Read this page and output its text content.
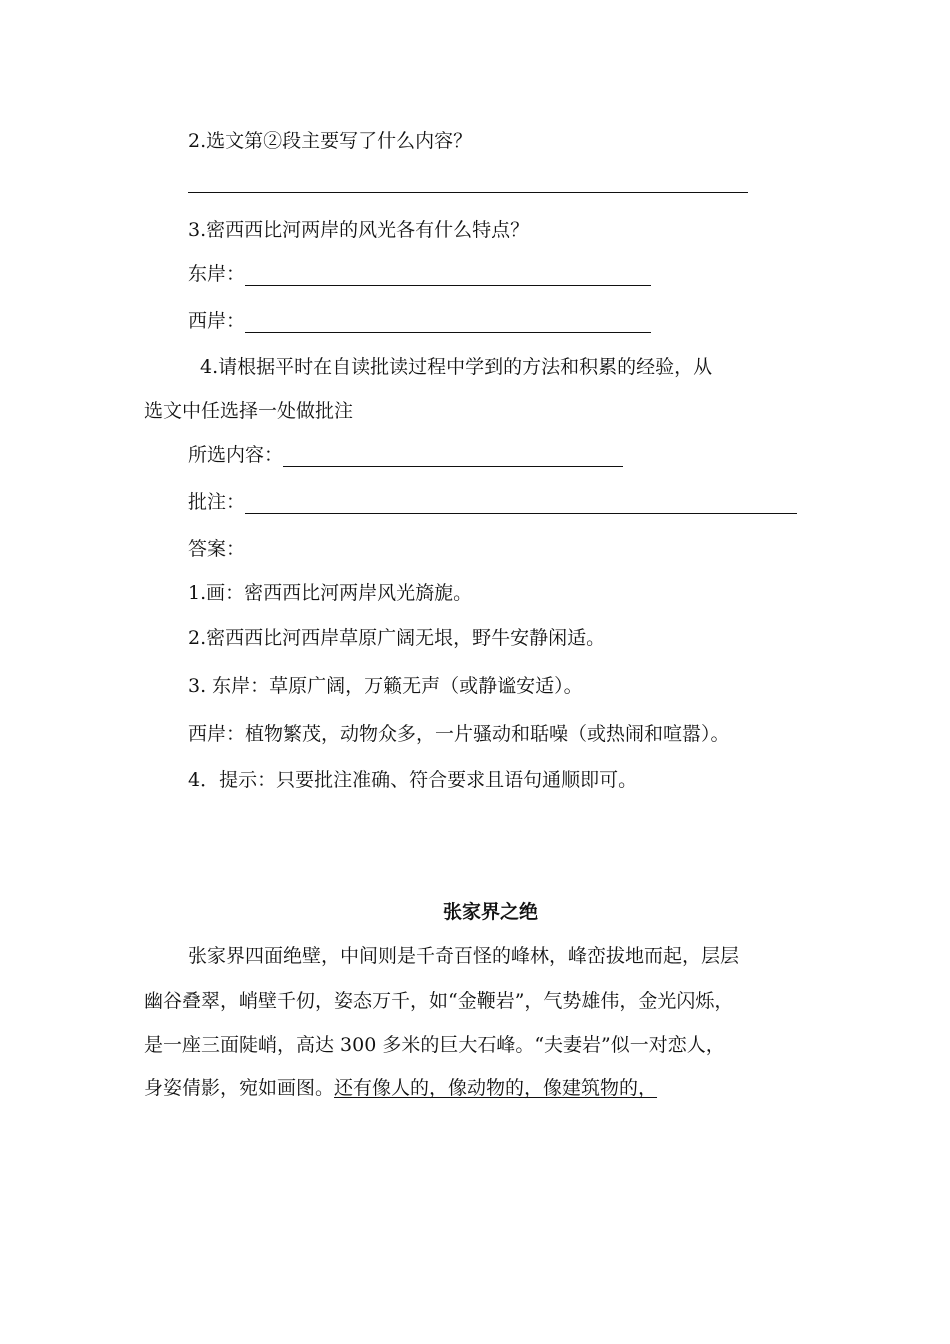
2.选文第②段主要写了什么内容？
3.密西西比河两岸的风光各有什么特点？
东岸：
西岸：
4.请根据平时在自读批读过程中学到的方法和积累的经验，从
选文中任选择一处做批注
所选内容：
批注：
答案：
1.画：密西西比河两岸风光旖旎。
2.密西西比河西岸草原广阔无垠，野牛安静闲适。
3. 东岸：草原广阔，万籁无声（或静谧安适）。
西岸：植物繁茂，动物众多，一片骚动和聒噪（或热闹和喧嚣）。
4．提示：只要批注准确、符合要求且语句通顺即可。
张家界之绝
张家界四面绝壁，中间则是千奇百怪的峰林，峰峦拔地而起，层层
幽谷叠翠，峭壁千仞，姿态万千，如“金鞭岩”，气势雄伟，金光闪烁，
是一座三面陡峭，高达 300 多米的巨大石峰。“夫妻岩”似一对恋人，
身姿倩影，宛如画图。还有像人的，像动物的，像建筑物的，
